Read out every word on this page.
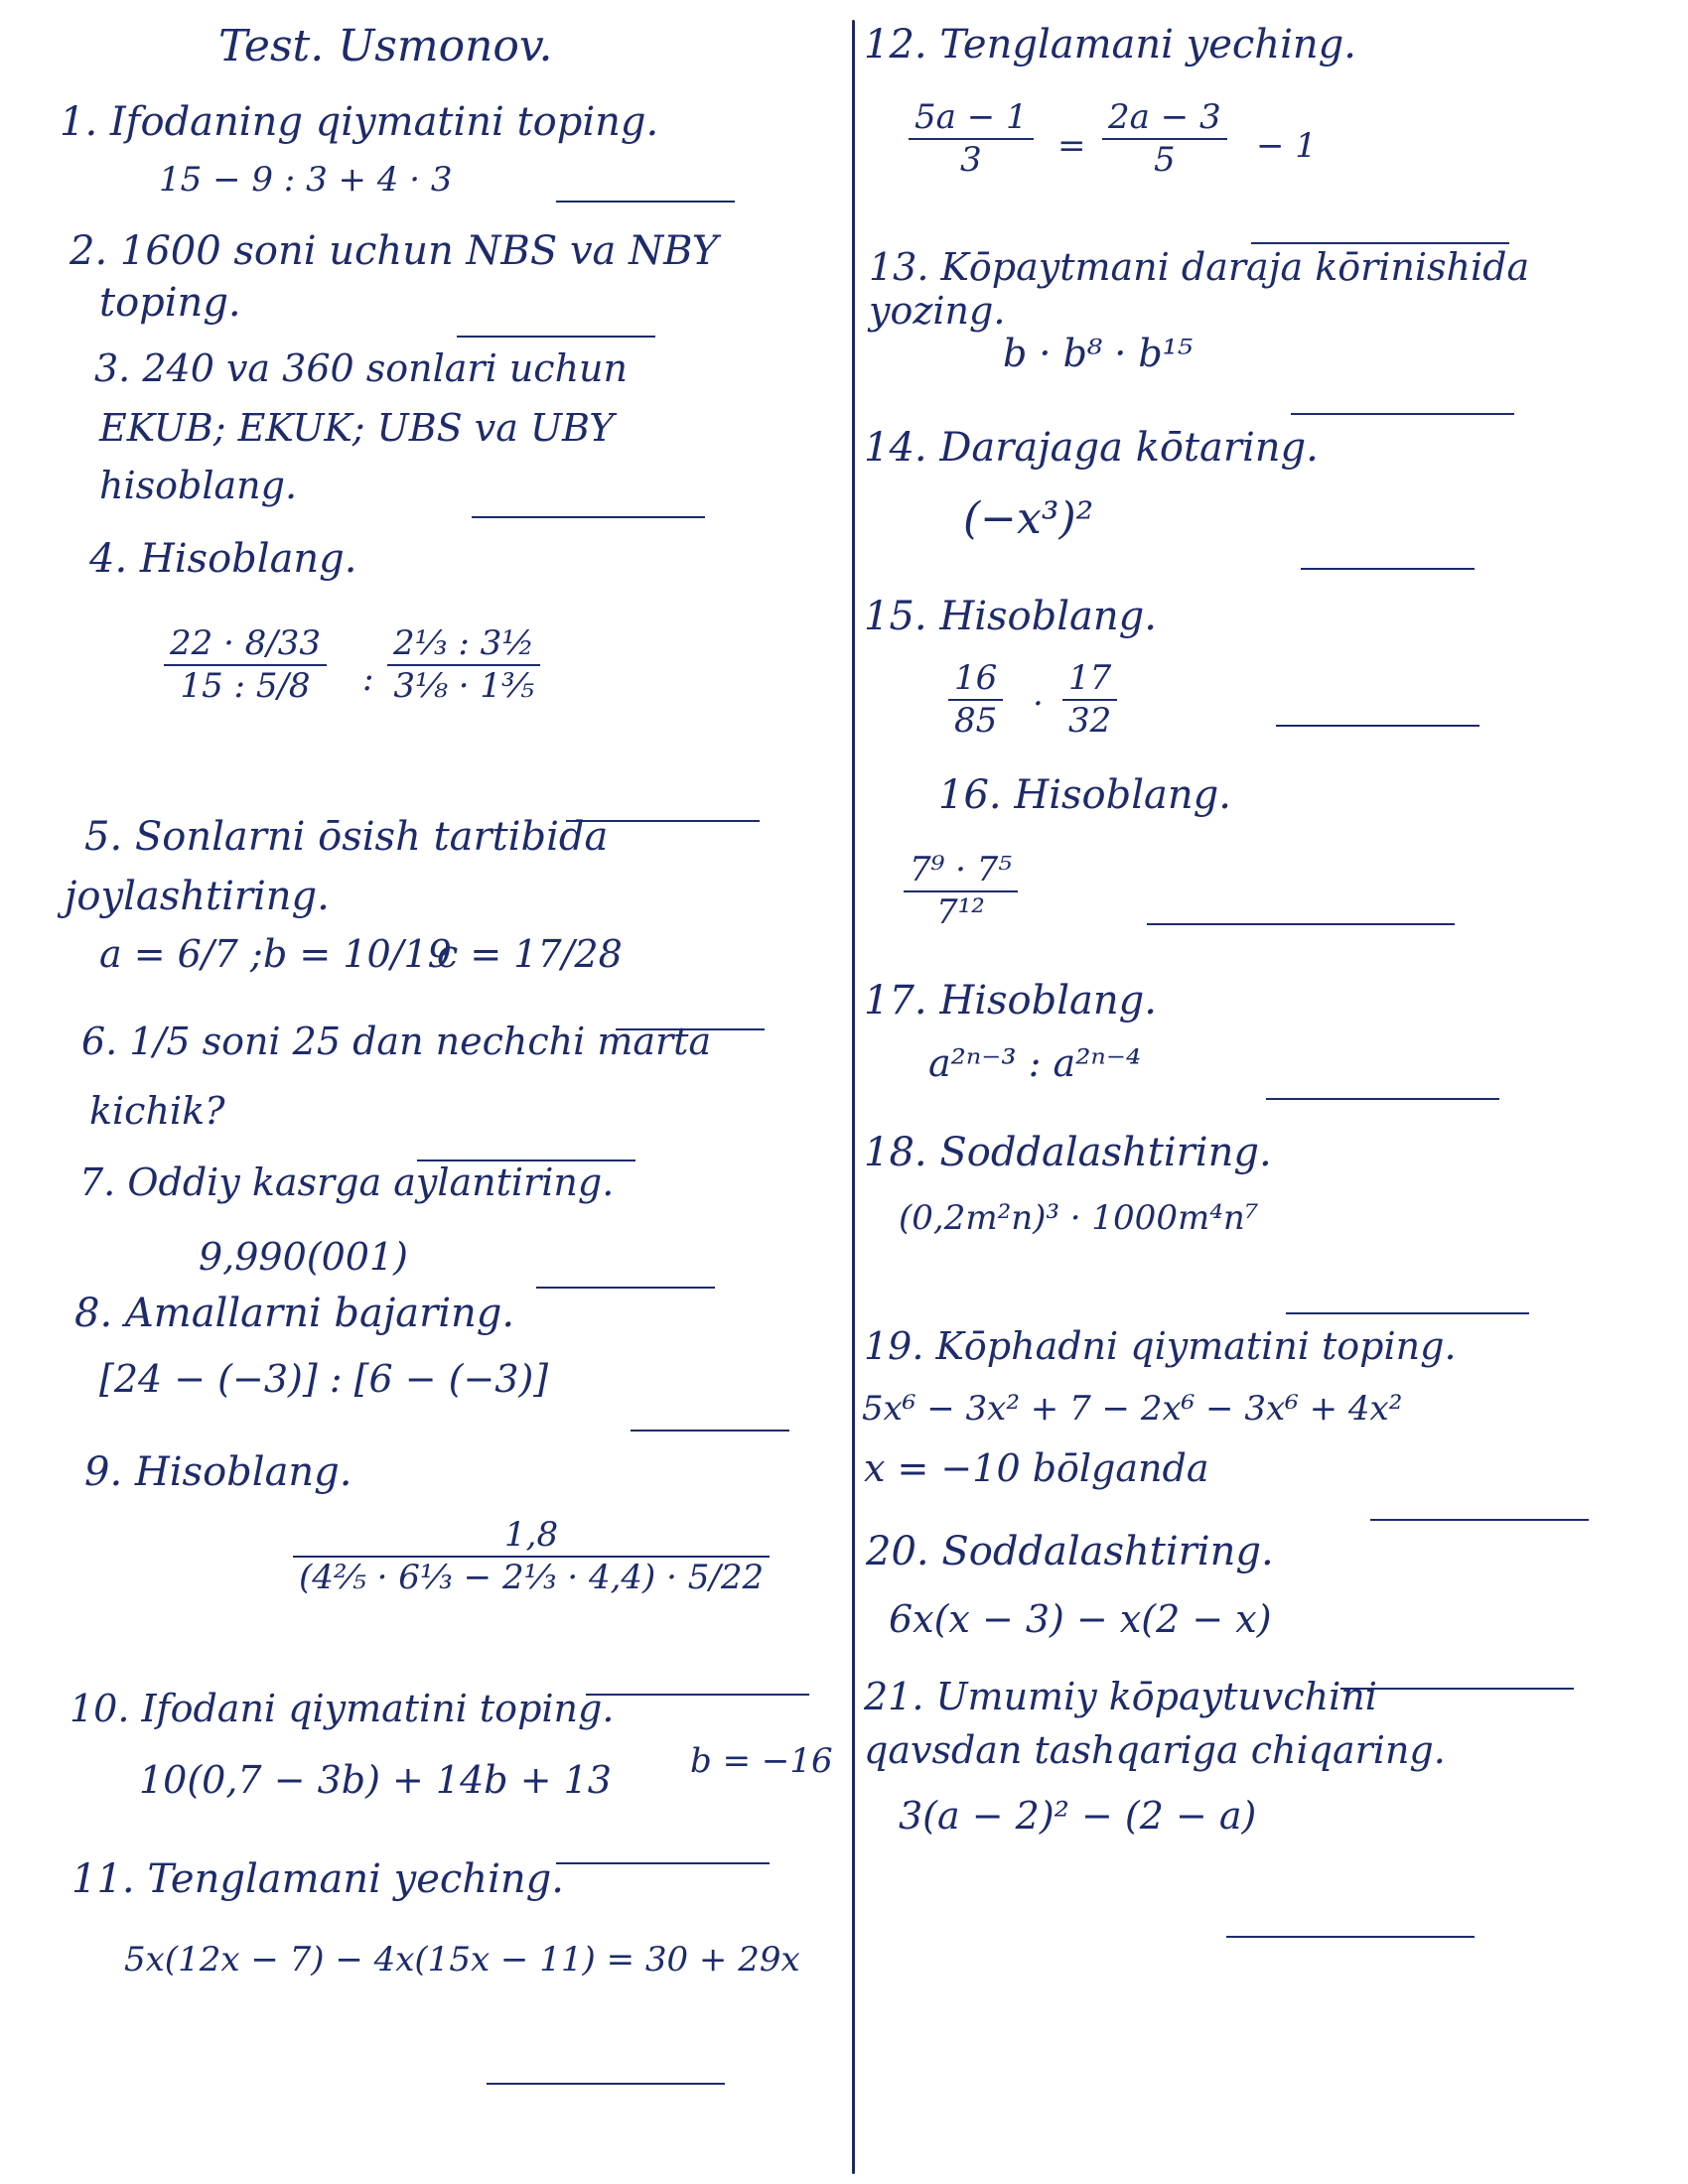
Test. Usmonov.
1. Ifodaning qiymatini toping.
15 − 9 : 3 + 4 · 3
2. 1600 soni uchun NBS va NBY
toping.
3. 240 va 360 sonlari uchun
EKUB; EKUK; UBS va UBY
hisoblang.
4. Hisoblang.
22 · 8/33
15 : 5/8 :
2⅓ : 3½
3⅛ · 1⅗
5. Sonlarni ōsish tartibida
joylashtiring.
a = 6/7 ; b = 10/19
c = 17/28
6. 1/5 soni 25 dan nechchi marta
kichik?
7. Oddiy kasrga aylantiring.
9,990(001)
8. Amallarni bajaring.
[24 − (−3)] : [6 − (−3)]
9. Hisoblang.
1,8
(4⅖ · 6⅓ − 2⅓ · 4,4) · 5/22
10. Ifodani qiymatini toping.
10(0,7 − 3b) + 14b + 13 b = −16
11. Tenglamani yeching.
5x(12x − 7) − 4x(15x − 11) = 30 + 29x
12. Tenglamani yeching.
5a − 1
3 =
2a − 3
5 − 1
13. Kōpaytmani daraja kōrinishida
yozing.
b · b⁸ · b¹⁵
14. Darajaga kōtaring.
(−x³)²
15. Hisoblang.
16
85 ·
17
32
16. Hisoblang.
7⁹ · 7⁵
7¹²
17. Hisoblang.
a²ⁿ⁻³ : a²ⁿ⁻⁴
18. Soddalashtiring.
(0,2m²n)³ · 1000m⁴n⁷
19. Kōphadni qiymatini toping.
5x⁶ − 3x² + 7 − 2x⁶ − 3x⁶ + 4x²
x = −10 bōlganda
20. Soddalashtiring.
6x(x − 3) − x(2 − x)
21. Umumiy kōpaytuvchini
qavsdan tashqariga chiqaring.
3(a − 2)² − (2 − a)
